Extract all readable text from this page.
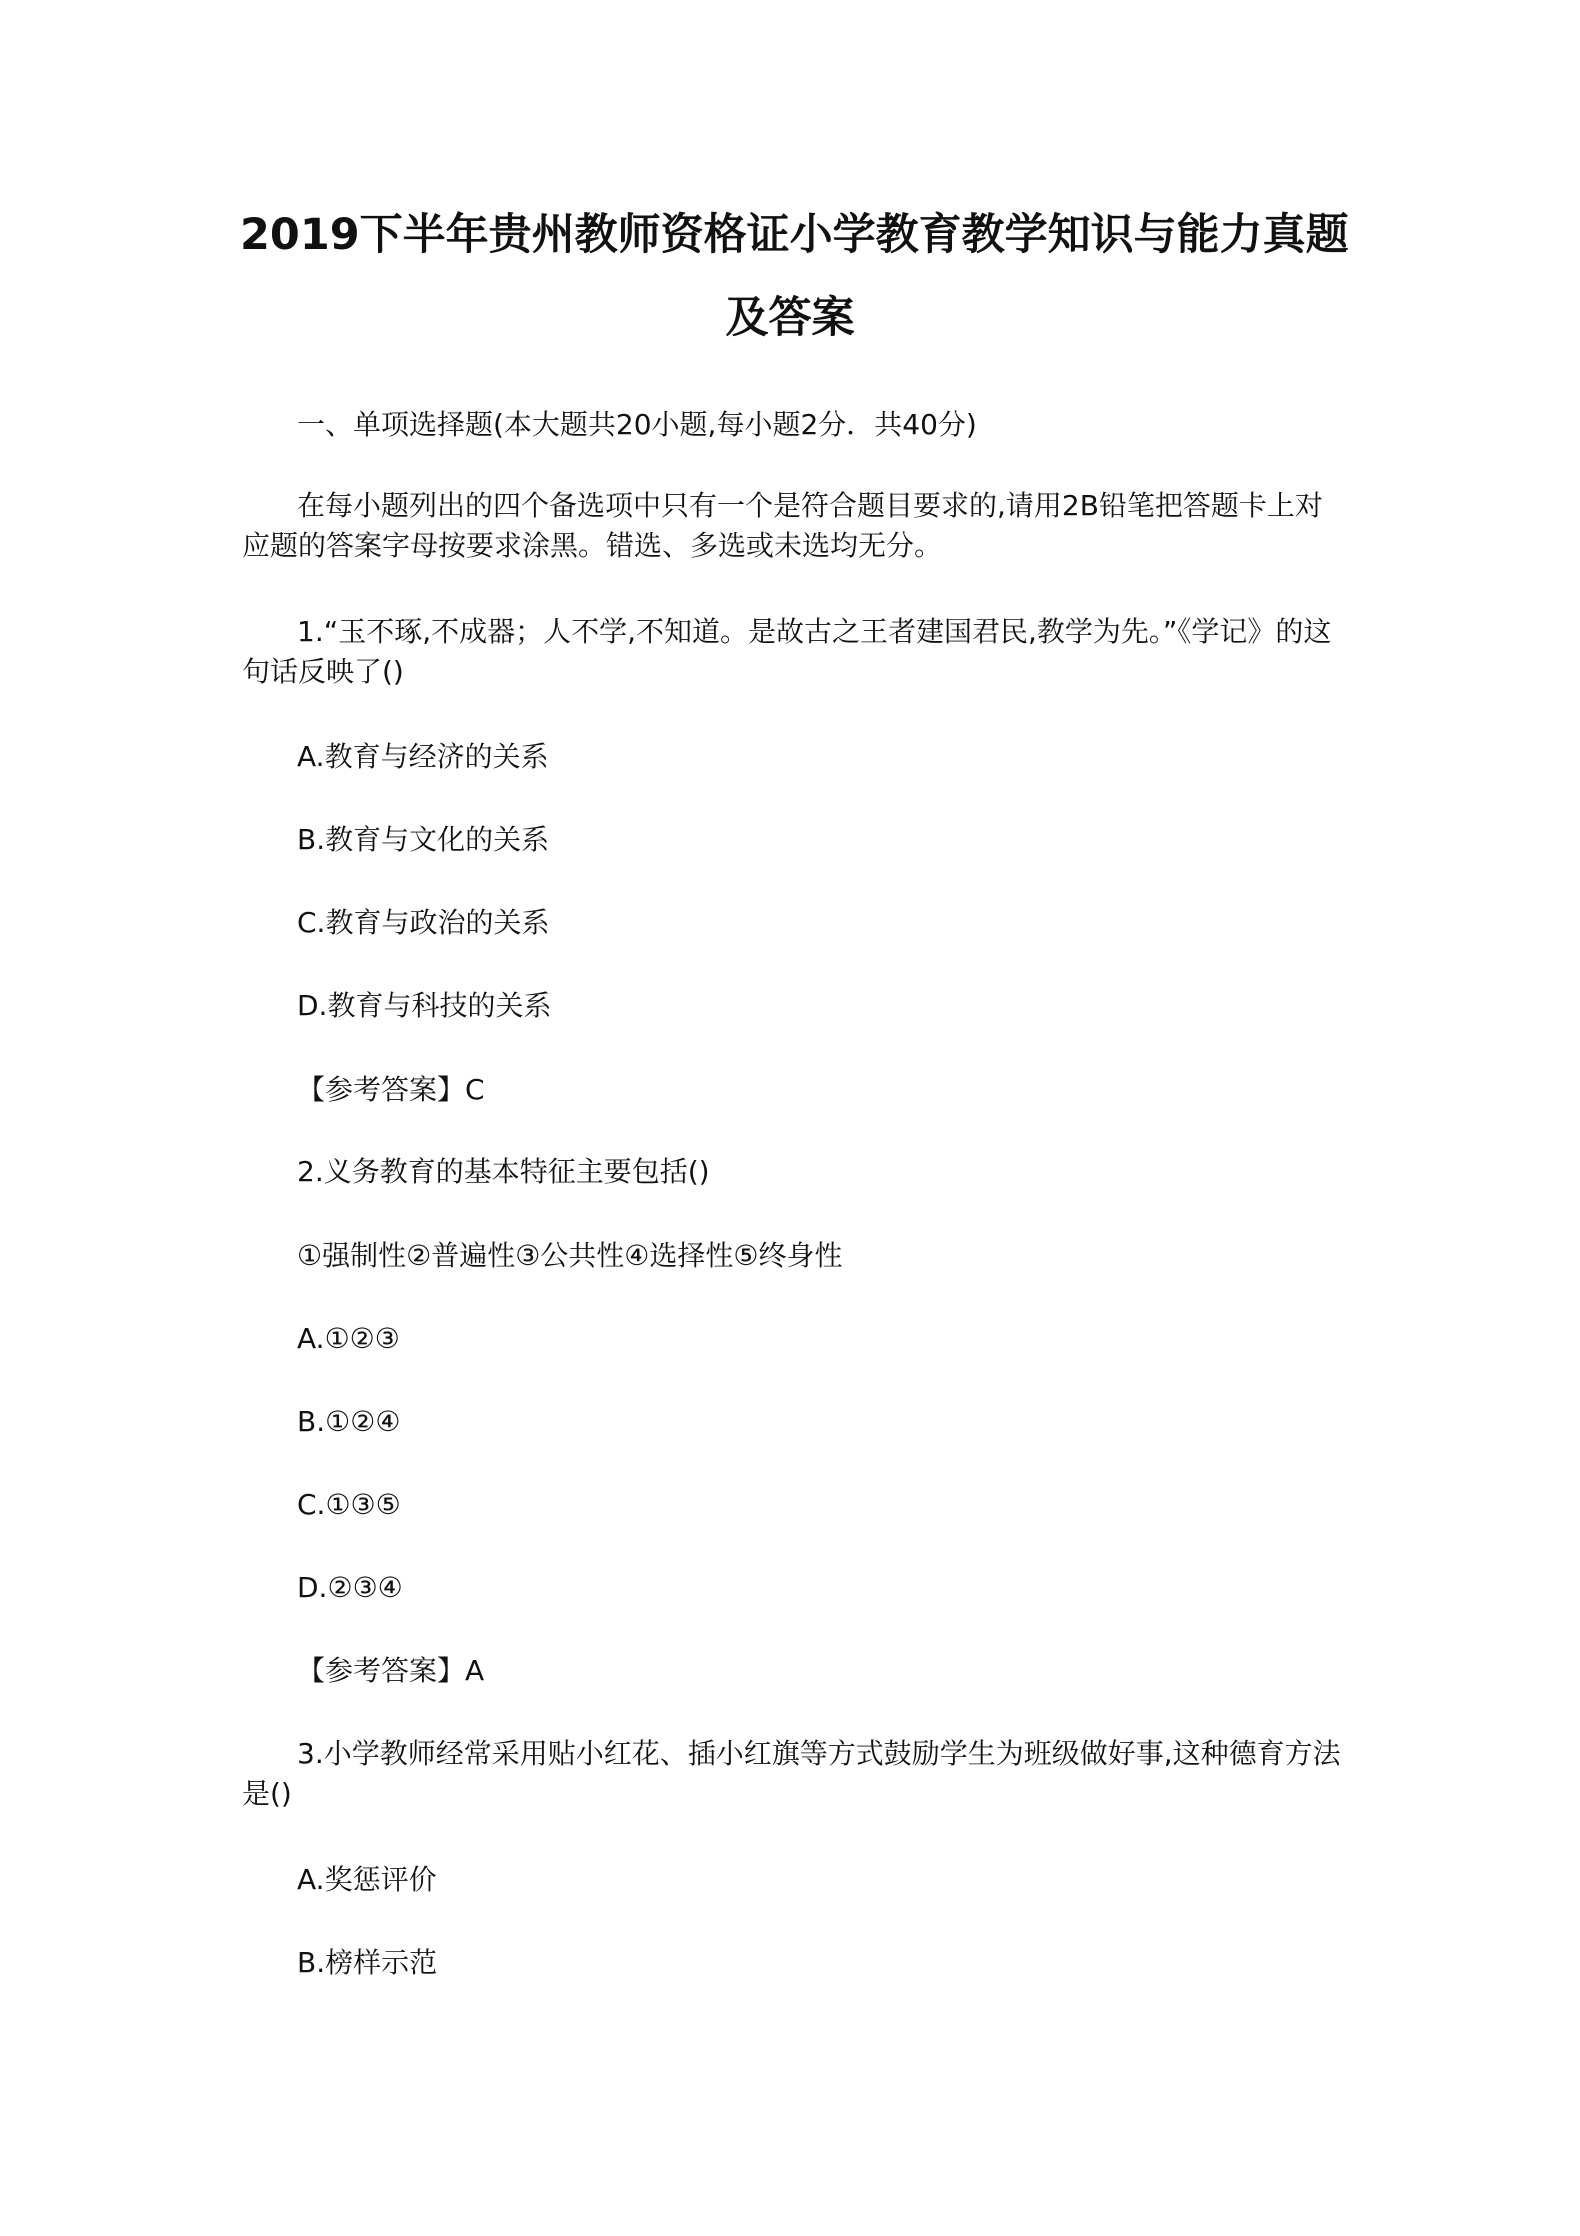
2019下半年贵州教师资格证小学教育教学知识与能力真题
及答案
一、单项选择题(本大题共20小题,每小题2分．共40分)
在每小题列出的四个备选项中只有一个是符合题目要求的,请用2B铅笔把答题卡上对
应题的答案字母按要求涂黑。错选、多选或未选均无分。
1.“玉不琢,不成器；人不学,不知道。是故古之王者建国君民,教学为先。”《学记》的这
句话反映了()
A.教育与经济的关系
B.教育与文化的关系
C.教育与政治的关系
D.教育与科技的关系
【参考答案】C
2.义务教育的基本特征主要包括()
①强制性②普遍性③公共性④选择性⑤终身性
A.①②③
B.①②④
C.①③⑤
D.②③④
【参考答案】A
3.小学教师经常采用贴小红花、插小红旗等方式鼓励学生为班级做好事,这种德育方法
是()
A.奖惩评价
B.榜样示范
